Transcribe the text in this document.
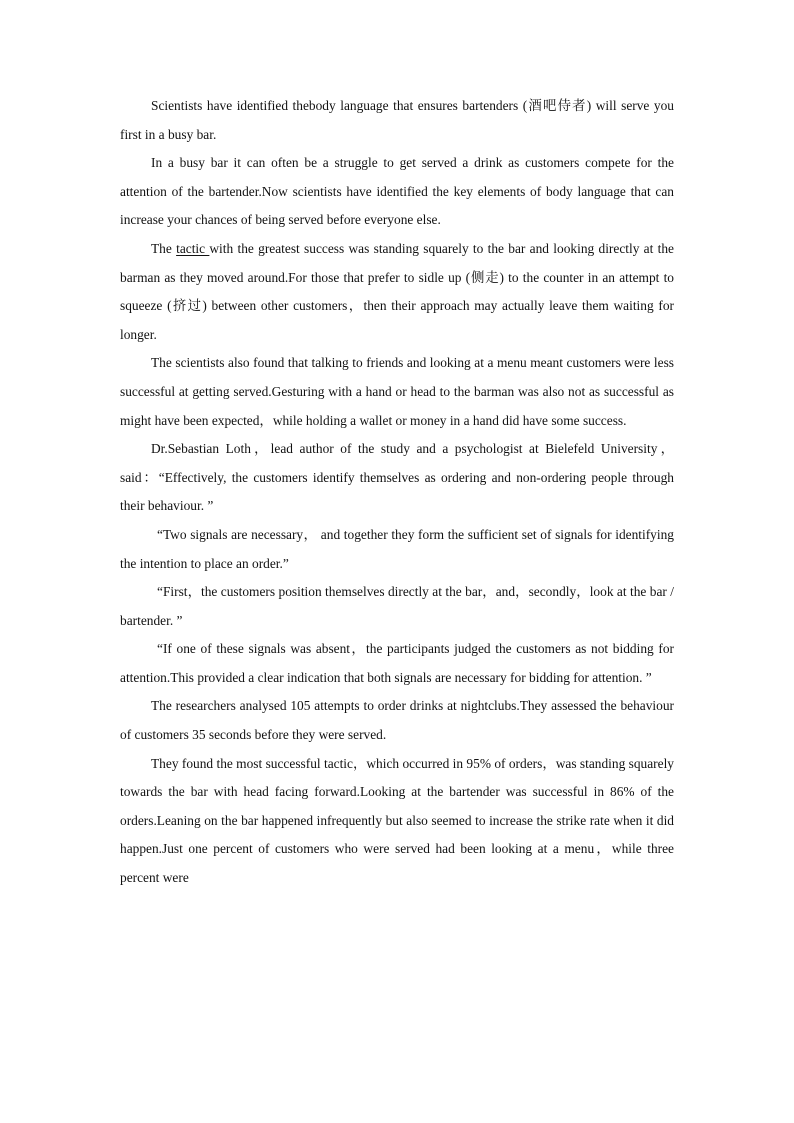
Scientists have identified thebody language that ensures bartenders (酒吧侍者) will serve you first in a busy bar.

In a busy bar it can often be a struggle to get served a drink as customers compete for the attention of the bartender.Now scientists have identified the key elements of body language that can increase your chances of being served before everyone else.

The tactic with the greatest success was standing squarely to the bar and looking directly at the barman as they moved around.For those that prefer to sidle up (侧走) to the counter in an attempt to squeeze (挤过) between other customers，then their approach may actually leave them waiting for longer.

The scientists also found that talking to friends and looking at a menu meant customers were less successful at getting served.Gesturing with a hand or head to the barman was also not as successful as might have been expected，while holding a wallet or money in a hand did have some success.

Dr.Sebastian Loth，lead author of the study and a psychologist at Bielefeld University，said：“Effectively, the customers identify themselves as ordering and non-ordering people through their behaviour. ”

“Two signals are necessary， and together they form the sufficient set of signals for identifying the intention to place an order.”

“First，the customers position themselves directly at the bar，and，secondly，look at the bar / bartender. ”

“If one of these signals was absent，the participants judged the customers as not bidding for attention.This provided a clear indication that both signals are necessary for bidding for attention. ”

The researchers analysed 105 attempts to order drinks at nightclubs.They assessed the behaviour of customers 35 seconds before they were served.

They found the most successful tactic，which occurred in 95% of orders，was standing squarely towards the bar with head facing forward.Looking at the bartender was successful in 86% of the orders.Leaning on the bar happened infrequently but also seemed to increase the strike rate when it did happen.Just one percent of customers who were served had been looking at a menu，while three percent were
